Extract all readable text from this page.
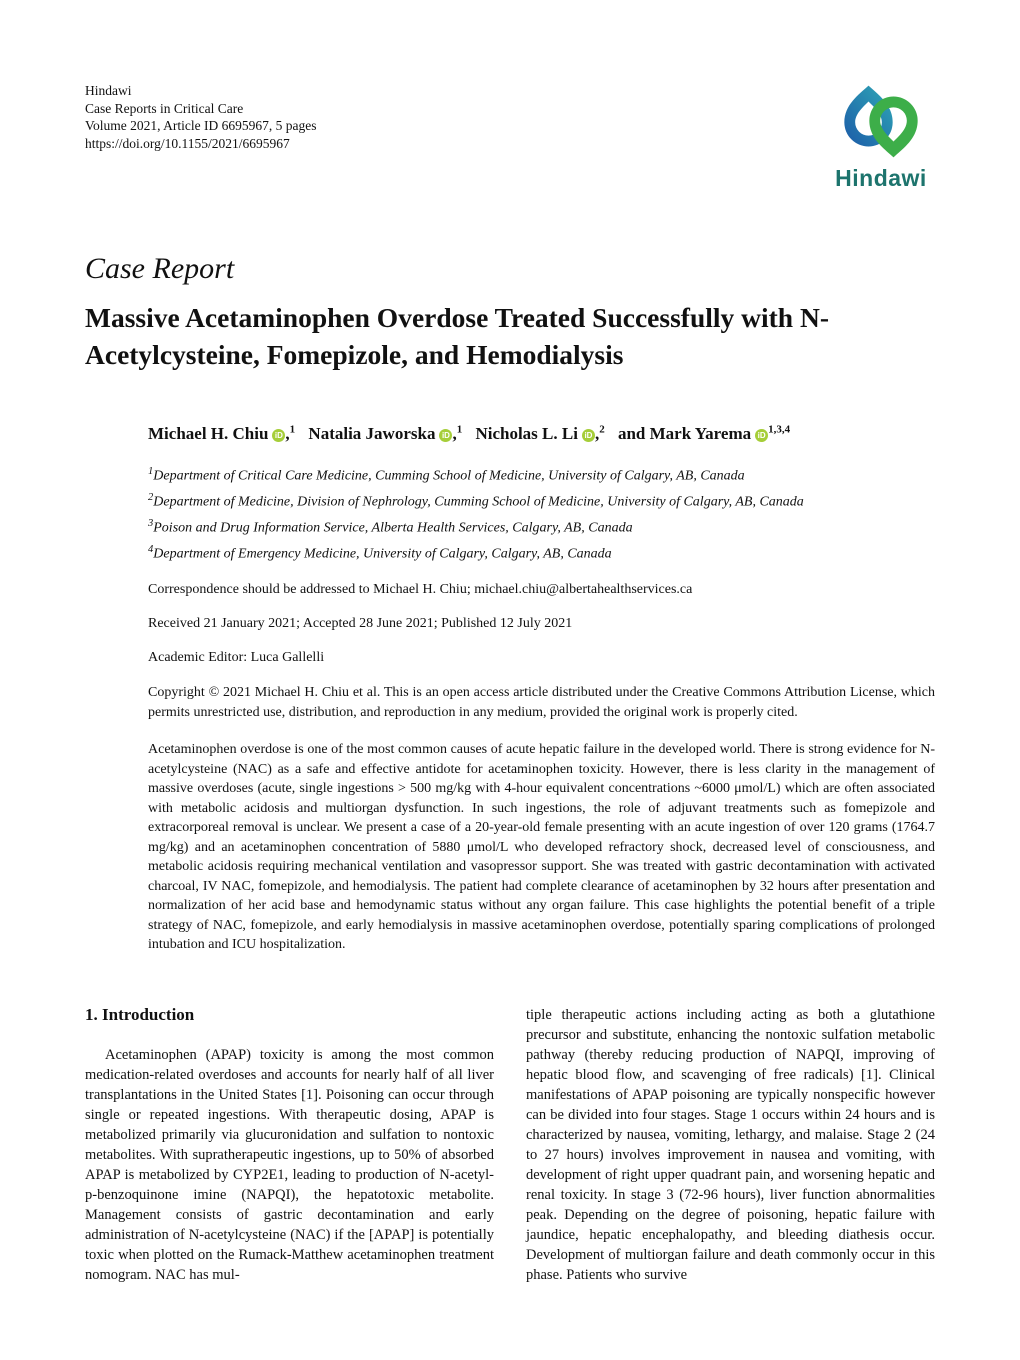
Hindawi
Case Reports in Critical Care
Volume 2021, Article ID 6695967, 5 pages
https://doi.org/10.1155/2021/6695967
Hindawi
Case Report
Massive Acetaminophen Overdose Treated Successfully with N-
Acetylcysteine, Fomepizole, and Hemodialysis
Michael H. Chiu iD ,$^1$ Natalia Jaworska iD ,$^1$ Nicholas L. Li iD ,$^2$ and Mark Yarema iD$^{1,3,4}$
$^1$Department of Critical Care Medicine, Cumming School of Medicine, University of Calgary, AB, Canada
$^2$Department of Medicine, Division of Nephrology, Cumming School of Medicine, University of Calgary, AB, Canada
$^3$Poison and Drug Information Service, Alberta Health Services, Calgary, AB, Canada
$^4$Department of Emergency Medicine, University of Calgary, Calgary, AB, Canada

Correspondence should be addressed to Michael H. Chiu; michael.chiu@albertahealthservices.ca

Received 21 January 2021; Accepted 28 June 2021; Published 12 July 2021

Academic Editor: Luca Gallelli

Copyright © 2021 Michael H. Chiu et al. This is an open access article distributed under the Creative Commons Attribution License, which permits unrestricted use, distribution, and reproduction in any medium, provided the original work is properly cited.

Acetaminophen overdose is one of the most common causes of acute hepatic failure in the developed world. There is strong evidence for N-acetylcysteine (NAC) as a safe and effective antidote for acetaminophen toxicity. However, there is less clarity in the management of massive overdoses (acute, single ingestions > 500 mg/kg with 4-hour equivalent concentrations ~6000 μmol/L) which are often associated with metabolic acidosis and multiorgan dysfunction. In such ingestions, the role of adjuvant treatments such as fomepizole and extracorporeal removal is unclear. We present a case of a 20-year-old female presenting with an acute ingestion of over 120 grams (1764.7 mg/kg) and an acetaminophen concentration of 5880 μmol/L who developed refractory shock, decreased level of consciousness, and metabolic acidosis requiring mechanical ventilation and vasopressor support. She was treated with gastric decontamination with activated charcoal, IV NAC, fomepizole, and hemodialysis. The patient had complete clearance of acetaminophen by 32 hours after presentation and normalization of her acid base and hemodynamic status without any organ failure. This case highlights the potential benefit of a triple strategy of NAC, fomepizole, and early hemodialysis in massive acetaminophen overdose, potentially sparing complications of prolonged intubation and ICU hospitalization.

1. Introduction

Acetaminophen (APAP) toxicity is among the most common medication-related overdoses and accounts for nearly half of all liver transplantations in the United States [1]. Poisoning can occur through single or repeated ingestions. With therapeutic dosing, APAP is metabolized primarily via glucuronidation and sulfation to nontoxic metabolites. With supratherapeutic ingestions, up to 50% of absorbed APAP is metabolized by CYP2E1, leading to production of N-acetyl-p-benzoquinone imine (NAPQI), the hepatotoxic metabolite. Management consists of gastric decontamination and early administration of N-acetylcysteine (NAC) if the [APAP] is potentially toxic when plotted on the Rumack-Matthew acetaminophen treatment nomogram. NAC has mul-

tiple therapeutic actions including acting as both a glutathione precursor and substitute, enhancing the nontoxic sulfation metabolic pathway (thereby reducing production of NAPQI, improving of hepatic blood flow, and scavenging of free radicals) [1]. Clinical manifestations of APAP poisoning are typically nonspecific however can be divided into four stages. Stage 1 occurs within 24 hours and is characterized by nausea, vomiting, lethargy, and malaise. Stage 2 (24 to 27 hours) involves improvement in nausea and vomiting, with development of right upper quadrant pain, and worsening hepatic and renal toxicity. In stage 3 (72-96 hours), liver function abnormalities peak. Depending on the degree of poisoning, hepatic failure with jaundice, hepatic encephalopathy, and bleeding diathesis occur. Development of multiorgan failure and death commonly occur in this phase. Patients who survive
